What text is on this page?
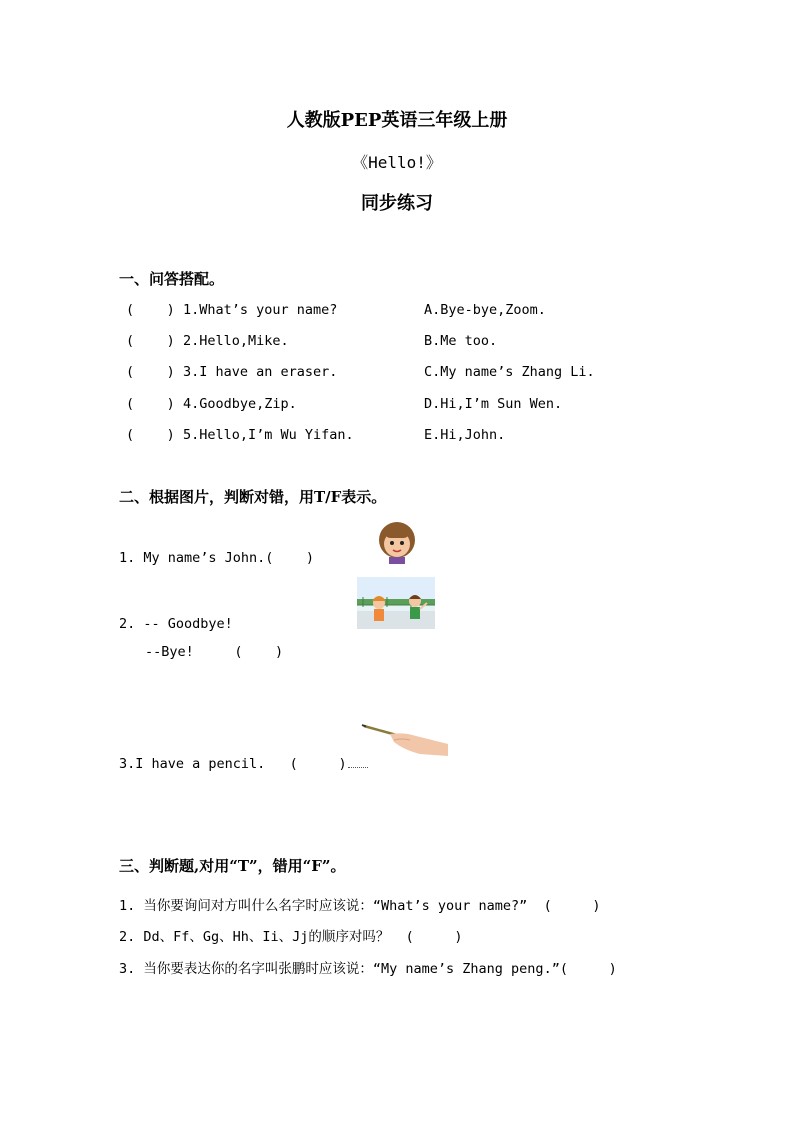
人教版PEP英语三年级上册
《Hello!》
同步练习
一、问答搭配。
(    ) 1.What’s your name?	A.Bye-bye,Zoom.
(    ) 2.Hello,Mike.	B.Me too.
(    ) 3.I have an eraser.	C.My name’s Zhang Li.
(    ) 4.Goodbye,Zip.	D.Hi,I’m Sun Wen.
(    ) 5.Hello,I’m Wu Yifan.	E.Hi,John.
二、根据图片，判断对错，用T/F表示。
1. My name’s John.(    )
2. -- Goodbye!
--Bye!     (    )
3.I have a pencil.   (     )
三、判断题,对用“T”，错用“F”。
1. 当你要询问对方叫什么名字时应该说：“What’s your name?”  (     )
2. Dd、Ff、Gg、Hh、Ii、Jj的顺序对吗？  (     )
3. 当你要表达你的名字叫张鹏时应该说：“My name’s Zhang peng.”(     )
